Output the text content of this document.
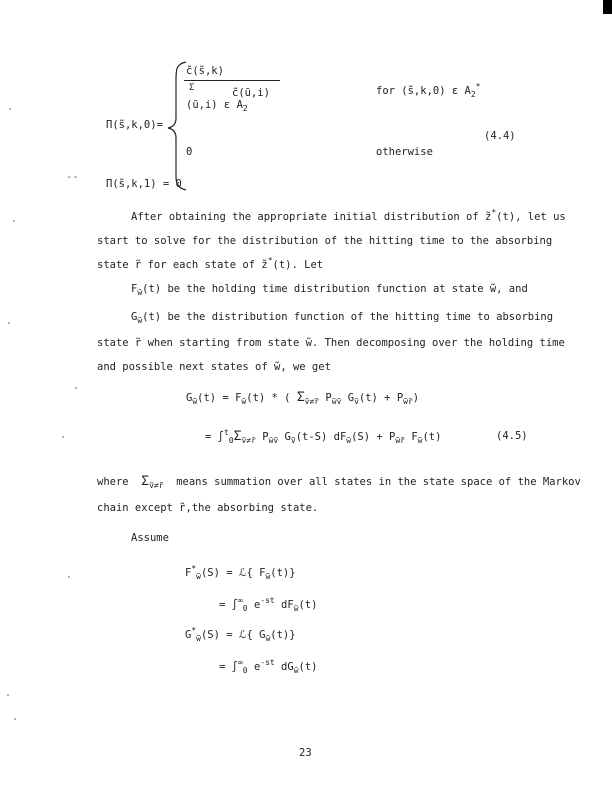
Π(s̃,k,0)=
c̃(s̃,k)
Σ	c̃(ũ,i)
(ũ,i) ε $A_2$
for (s̃,k,0) ε $A_2^*$
0	otherwise
(4.4)
--
Π(s̃,k,1) = 0
After obtaining the appropriate initial distribution of z̃*(t), let us
start to solve for the distribution of the hitting time to the absorbing
state r̃ for each state of z̃*(t). Let
$F_{w̃}(t)$ be the holding time distribution function at state w̃, and
$G_{w̃}(t)$ be the distribution function of the hitting time to absorbing
state r̃ when starting from state w̃. Then decomposing over the holding time
and possible next states of w̃, we get
$G_{w̃}(t) = F_{w̃}(t)$ * ( $\Sigma_{ṽ\ne r̃}$ $P_{w̃ṽ}$ $G_ṽ(t) + P_{w̃r̃}$)
= $\int^t_0\Sigma_{ṽ\ne r̃}$ $P_{w̃ṽ}$ $G_ṽ(t-S) dF_{w̃}(S) + P_{w̃r̃}$ $F_{w̃}(t)$	(4.5)
where $\Sigma_{ṽ\ne r̃}$ means summation over all states in the state space of the Markov
chain except r̃,the absorbing state.
Assume
$F^*_{w̃}(S)$ = ℒ{ $F_{w̃}(t)$}
= $\int^\infty_0$ $e^{-st}$ $dF_{w̃}(t)$
$G^*_{w̃}(S)$ = ℒ{ $G_{w̃}(t)$}
= $\int^\infty_0$ $e^{-st}$ $dG_{w̃}(t)$
23
